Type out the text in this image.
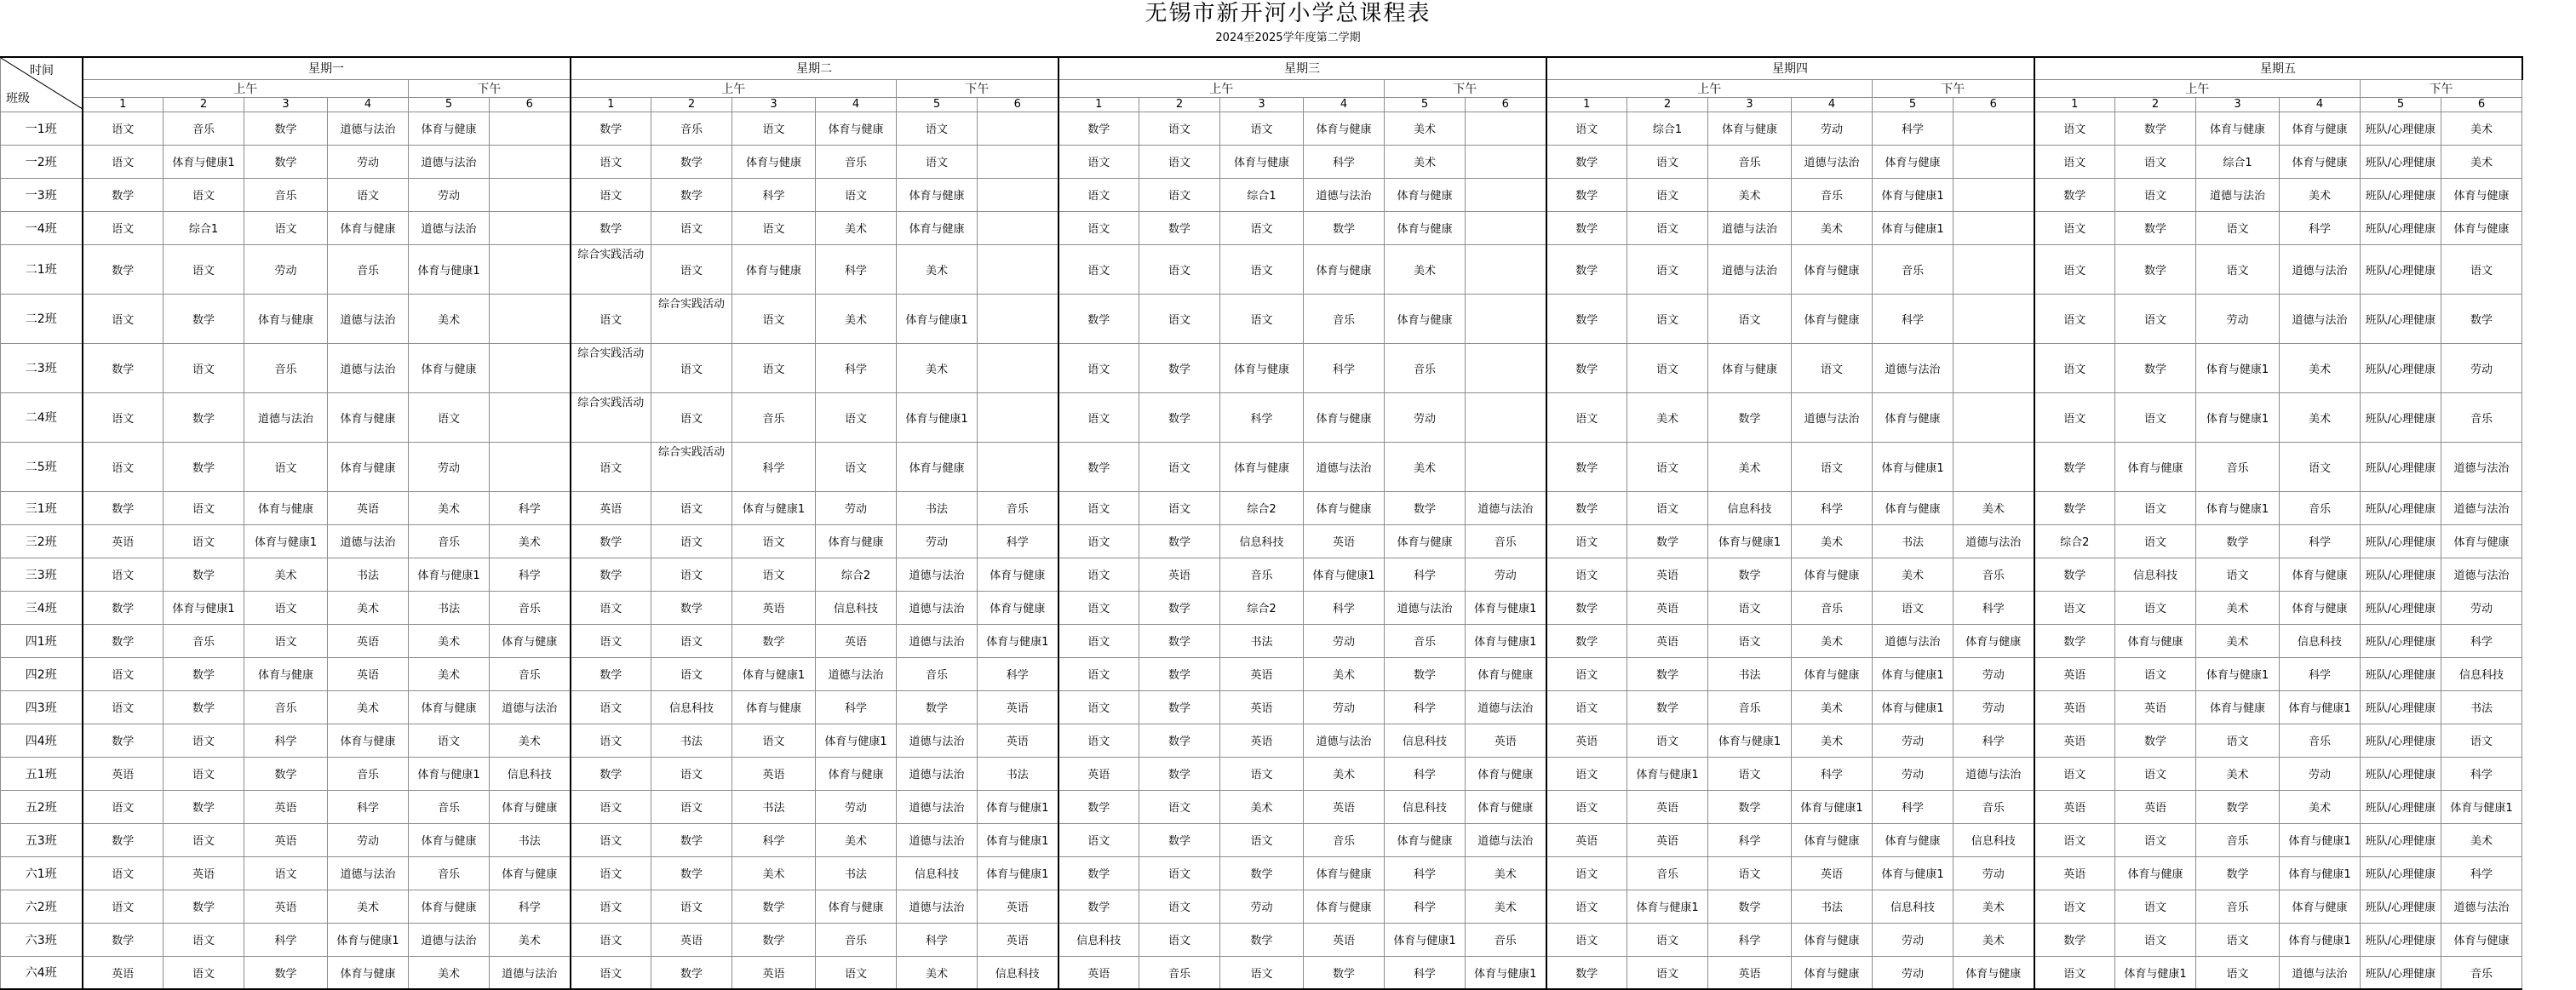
无锡市新开河小学总课程表
2024至2025学年度第二学期
时间
班级	星期一						星期二						星期三						星期四						星期五					
	上午				下午		上午				下午		上午				下午		上午				下午		上午				下午	
	1	2	3	4	5	6	1	2	3	4	5	6	1	2	3	4	5	6	1	2	3	4	5	6	1	2	3	4	5	6
一1班	语文	音乐	数学	道德与法治	体育与健康		数学	音乐	语文	体育与健康	语文		数学	语文	语文	体育与健康	美术		语文	综合1	体育与健康	劳动	科学		语文	数学	体育与健康	体育与健康	班队/心理健康	美术
一2班	语文	体育与健康1	数学	劳动	道德与法治		语文	数学	体育与健康	音乐	语文		语文	语文	体育与健康	科学	美术		数学	语文	音乐	道德与法治	体育与健康		语文	语文	综合1	体育与健康	班队/心理健康	美术
一3班	数学	语文	音乐	语文	劳动		语文	数学	科学	语文	体育与健康		语文	语文	综合1	道德与法治	体育与健康		数学	语文	美术	音乐	体育与健康1		数学	语文	道德与法治	美术	班队/心理健康	体育与健康
一4班	语文	综合1	语文	体育与健康	道德与法治		数学	语文	语文	美术	体育与健康		语文	数学	语文	数学	体育与健康		数学	语文	道德与法治	美术	体育与健康1		语文	数学	语文	科学	班队/心理健康	体育与健康
二1班	数学	语文	劳动	音乐	体育与健康1		综合实践活动	语文	体育与健康	科学	美术		语文	语文	语文	体育与健康	美术		数学	语文	道德与法治	体育与健康	音乐		语文	数学	语文	道德与法治	班队/心理健康	语文
二2班	语文	数学	体育与健康	道德与法治	美术		语文	综合实践活动	语文	美术	体育与健康1		数学	语文	语文	音乐	体育与健康		数学	语文	语文	体育与健康	科学		语文	语文	劳动	道德与法治	班队/心理健康	数学
二3班	数学	语文	音乐	道德与法治	体育与健康		综合实践活动	语文	语文	科学	美术		语文	数学	体育与健康	科学	音乐		数学	语文	体育与健康	语文	道德与法治		语文	数学	体育与健康1	美术	班队/心理健康	劳动
二4班	语文	数学	道德与法治	体育与健康	语文		综合实践活动	语文	音乐	语文	体育与健康1		语文	数学	科学	体育与健康	劳动		语文	美术	数学	道德与法治	体育与健康		语文	语文	体育与健康1	美术	班队/心理健康	音乐
二5班	语文	数学	语文	体育与健康	劳动		语文	综合实践活动	科学	语文	体育与健康		数学	语文	体育与健康	道德与法治	美术		数学	语文	美术	语文	体育与健康1		数学	体育与健康	音乐	语文	班队/心理健康	道德与法治
三1班	数学	语文	体育与健康	英语	美术	科学	英语	语文	体育与健康1	劳动	书法	音乐	语文	语文	综合2	体育与健康	数学	道德与法治	数学	语文	信息科技	科学	体育与健康	美术	数学	语文	体育与健康1	音乐	班队/心理健康	道德与法治
三2班	英语	语文	体育与健康1	道德与法治	音乐	美术	数学	语文	语文	体育与健康	劳动	科学	语文	数学	信息科技	英语	体育与健康	音乐	语文	数学	体育与健康1	美术	书法	道德与法治	综合2	语文	数学	科学	班队/心理健康	体育与健康
三3班	语文	数学	美术	书法	体育与健康1	科学	数学	语文	语文	综合2	道德与法治	体育与健康	语文	英语	音乐	体育与健康1	科学	劳动	语文	英语	数学	体育与健康	美术	音乐	数学	信息科技	语文	体育与健康	班队/心理健康	道德与法治
三4班	数学	体育与健康1	语文	美术	书法	音乐	语文	数学	英语	信息科技	道德与法治	体育与健康	语文	数学	综合2	科学	道德与法治	体育与健康1	数学	英语	语文	音乐	语文	科学	语文	语文	美术	体育与健康	班队/心理健康	劳动
四1班	数学	音乐	语文	英语	美术	体育与健康	语文	语文	数学	英语	道德与法治	体育与健康1	语文	数学	书法	劳动	音乐	体育与健康1	数学	英语	语文	美术	道德与法治	体育与健康	数学	体育与健康	美术	信息科技	班队/心理健康	科学
四2班	语文	数学	体育与健康	英语	美术	音乐	数学	语文	体育与健康1	道德与法治	音乐	科学	语文	数学	英语	美术	数学	体育与健康	语文	数学	书法	体育与健康	体育与健康1	劳动	英语	语文	体育与健康1	科学	班队/心理健康	信息科技
四3班	语文	数学	音乐	美术	体育与健康	道德与法治	语文	信息科技	体育与健康	科学	数学	英语	语文	数学	英语	劳动	科学	道德与法治	语文	数学	音乐	美术	体育与健康1	劳动	英语	英语	体育与健康	体育与健康1	班队/心理健康	书法
四4班	数学	语文	科学	体育与健康	语文	美术	语文	书法	语文	体育与健康1	道德与法治	英语	语文	数学	英语	道德与法治	信息科技	英语	英语	语文	体育与健康1	美术	劳动	科学	英语	数学	语文	音乐	班队/心理健康	语文
五1班	英语	语文	数学	音乐	体育与健康1	信息科技	数学	语文	英语	体育与健康	道德与法治	书法	英语	数学	语文	美术	科学	体育与健康	语文	体育与健康1	语文	科学	劳动	道德与法治	语文	语文	美术	劳动	班队/心理健康	科学
五2班	语文	数学	英语	科学	音乐	体育与健康	语文	语文	书法	劳动	道德与法治	体育与健康1	数学	语文	美术	英语	信息科技	体育与健康	语文	英语	数学	体育与健康1	科学	音乐	英语	英语	数学	美术	班队/心理健康	体育与健康1
五3班	数学	语文	英语	劳动	体育与健康	书法	语文	数学	科学	美术	道德与法治	体育与健康1	语文	数学	语文	音乐	体育与健康	道德与法治	英语	英语	科学	体育与健康	体育与健康	信息科技	语文	语文	音乐	体育与健康1	班队/心理健康	美术
六1班	语文	英语	语文	道德与法治	音乐	体育与健康	语文	数学	美术	书法	信息科技	体育与健康1	数学	语文	数学	体育与健康	科学	美术	语文	音乐	语文	英语	体育与健康1	劳动	英语	体育与健康	数学	体育与健康1	班队/心理健康	科学
六2班	语文	数学	英语	美术	体育与健康	科学	语文	语文	数学	体育与健康	道德与法治	英语	数学	语文	劳动	体育与健康	科学	美术	语文	体育与健康1	数学	书法	信息科技	美术	语文	语文	音乐	体育与健康	班队/心理健康	道德与法治
六3班	数学	语文	科学	体育与健康1	道德与法治	美术	语文	英语	数学	音乐	科学	英语	信息科技	语文	数学	英语	体育与健康1	音乐	语文	语文	科学	体育与健康	劳动	美术	数学	语文	语文	体育与健康1	班队/心理健康	体育与健康
六4班	英语	语文	数学	体育与健康	美术	道德与法治	语文	数学	英语	语文	美术	信息科技	英语	音乐	语文	数学	科学	体育与健康1	数学	语文	英语	体育与健康	劳动	体育与健康	语文	体育与健康1	语文	道德与法治	班队/心理健康	音乐
